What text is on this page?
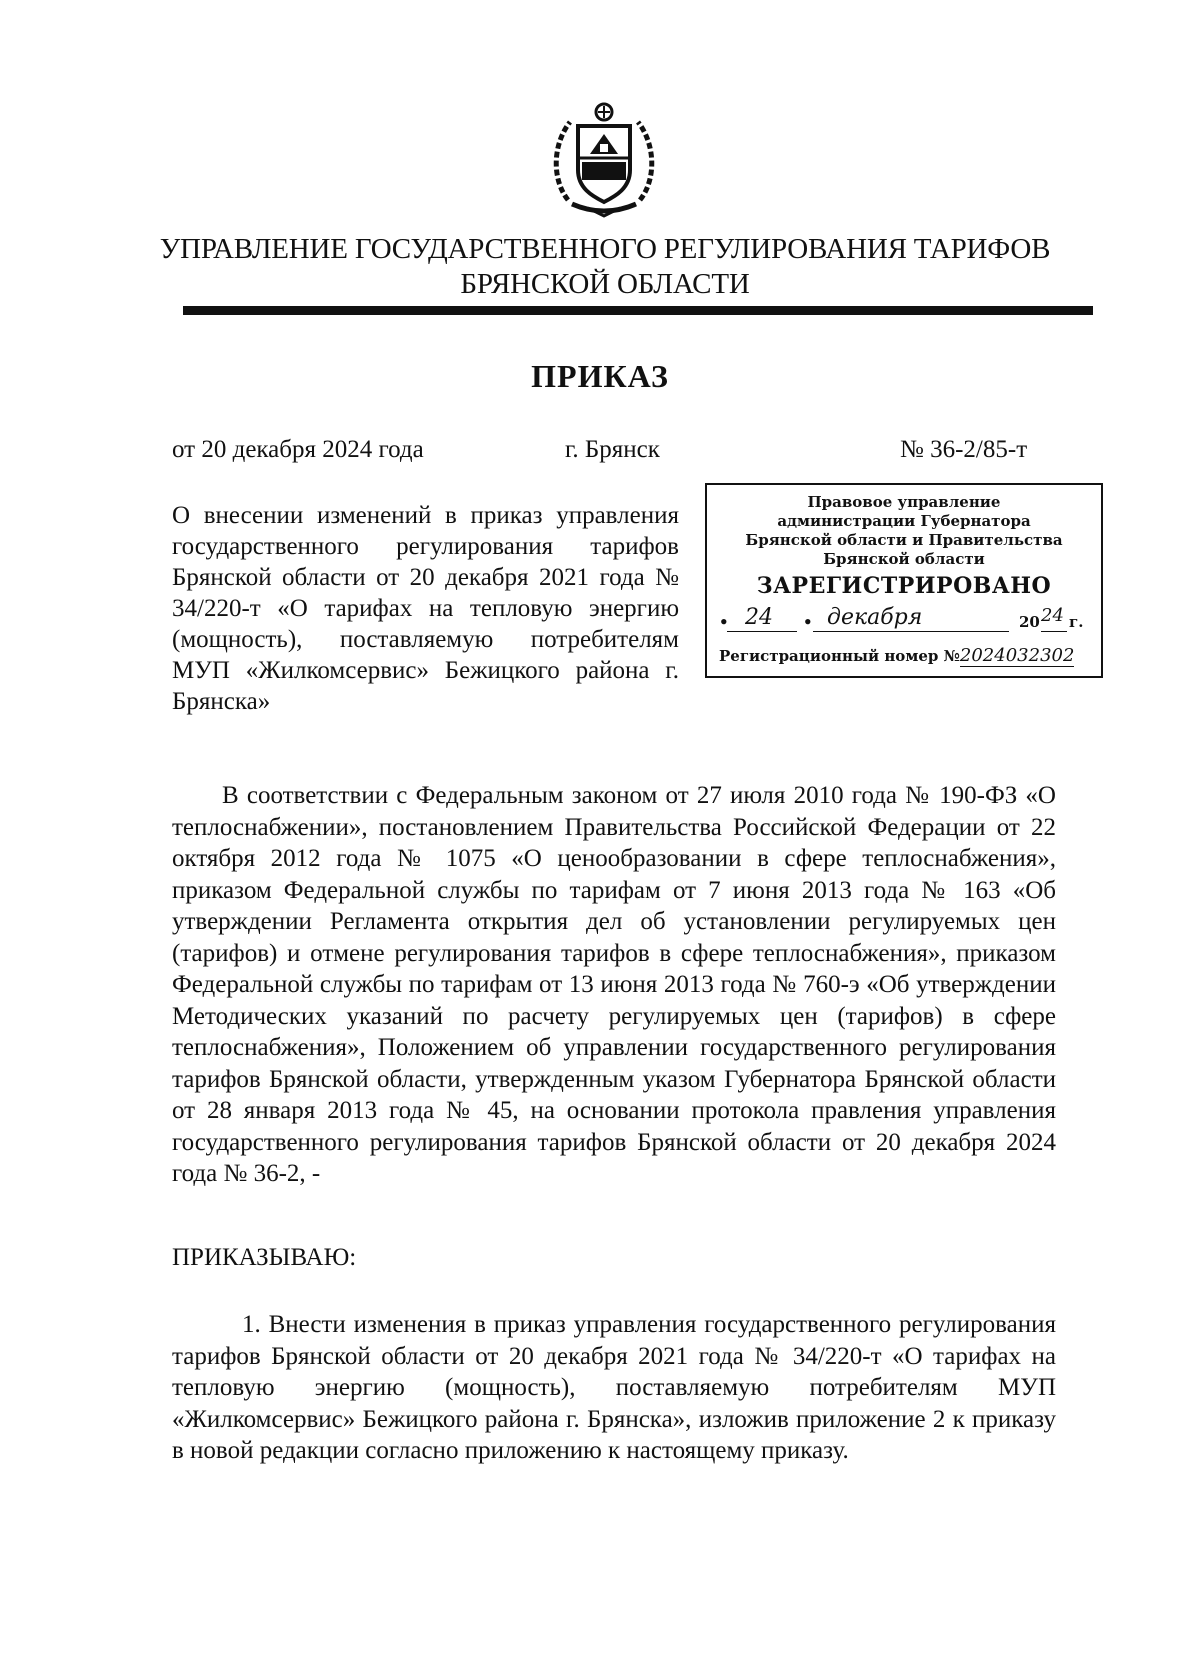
УПРАВЛЕНИЕ ГОСУДАРСТВЕННОГО РЕГУЛИРОВАНИЯ ТАРИФОВ
БРЯНСКОЙ ОБЛАСТИ
ПРИКАЗ
от 20 декабря 2024 года	г. Брянск	№ 36-2/85-т
О внесении изменений в приказ управления государственного регулирования тарифов Брянской области от 20 декабря 2021 года № 34/220-т «О тарифах на тепловую энергию (мощность), поставляемую потребителям МУП «Жилкомсервис» Бежицкого района г. Брянска»
Правовое управление
администрации Губернатора
Брянской области и Правительства
Брянской области
ЗАРЕГИСТРИРОВАНО
• 24 • декабря	20 24 г.
Регистрационный номер №2024032302
В соответствии с Федеральным законом от 27 июля 2010 года № 190-ФЗ «О теплоснабжении», постановлением Правительства Российской Федерации от 22 октября 2012 года № 1075 «О ценообразовании в сфере теплоснабжения», приказом Федеральной службы по тарифам от 7 июня 2013 года № 163 «Об утверждении Регламента открытия дел об установлении регулируемых цен (тарифов) и отмене регулирования тарифов в сфере теплоснабжения», приказом Федеральной службы по тарифам от 13 июня 2013 года № 760-э «Об утверждении Методических указаний по расчету регулируемых цен (тарифов) в сфере теплоснабжения», Положением об управлении государственного регулирования тарифов Брянской области, утвержденным указом Губернатора Брянской области от 28 января 2013 года № 45, на основании протокола правления управления государственного регулирования тарифов Брянской области от 20 декабря 2024 года № 36-2, -
ПРИКАЗЫВАЮ:
1. Внести изменения в приказ управления государственного регулирования тарифов Брянской области от 20 декабря 2021 года № 34/220-т «О тарифах на тепловую энергию (мощность), поставляемую потребителям МУП «Жилкомсервис» Бежицкого района г. Брянска», изложив приложение 2 к приказу в новой редакции согласно приложению к настоящему приказу.
